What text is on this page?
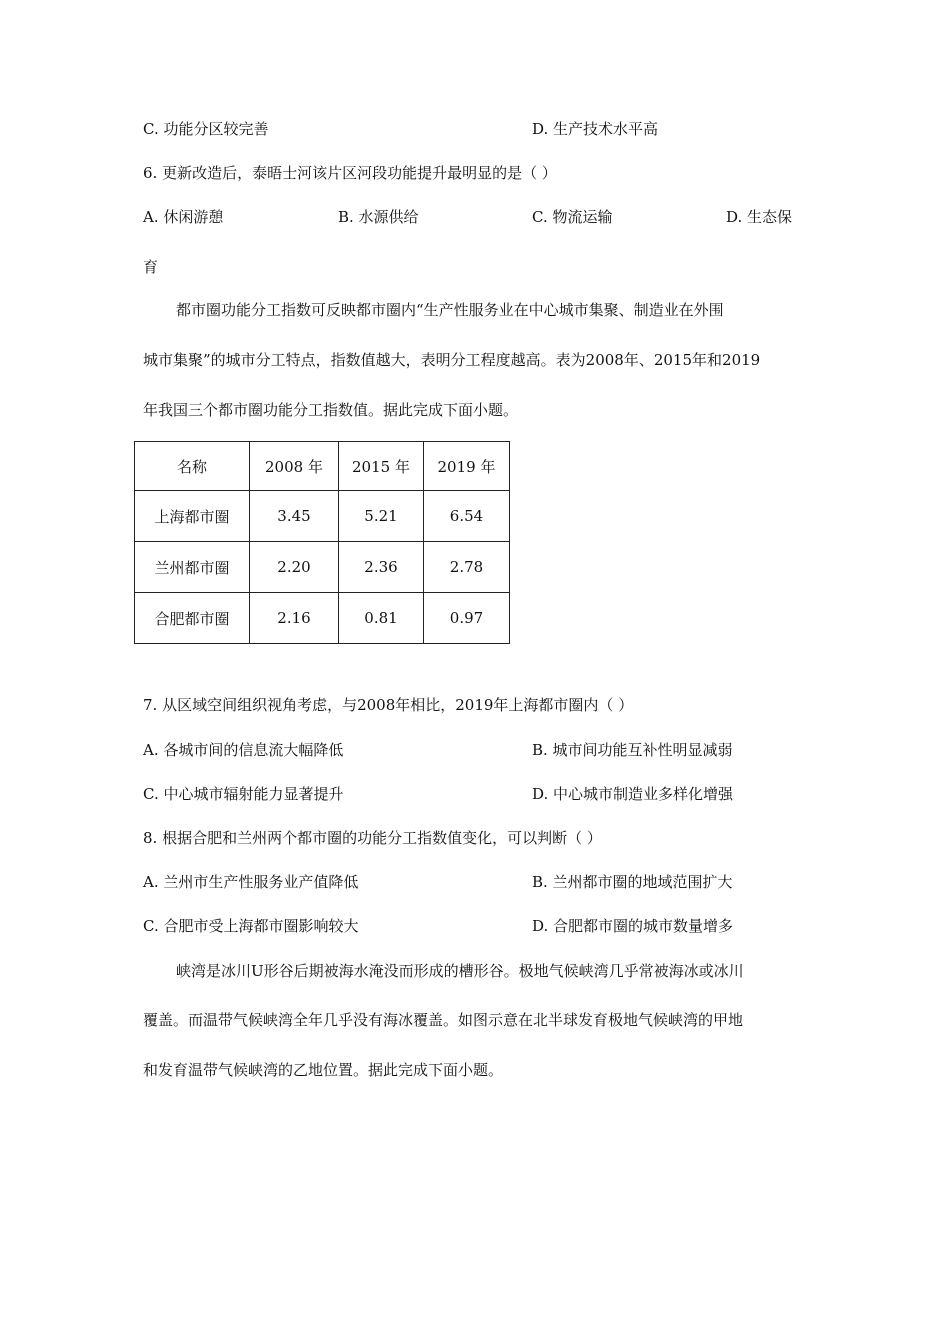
C. 功能分区较完善	D. 生产技术水平高
6. 更新改造后，泰晤士河该片区河段功能提升最明显的是（ ）
A. 休闲游憩	B. 水源供给	C. 物流运输	D. 生态保
育
都市圈功能分工指数可反映都市圈内“生产性服务业在中心城市集聚、制造业在外围
城市集聚”的城市分工特点，指数值越大，表明分工程度越高。表为2008年、2015年和2019
年我国三个都市圈功能分工指数值。据此完成下面小题。
名称	2008 年	2015 年	2019 年
上海都市圈	3.45	5.21	6.54
兰州都市圈	2.20	2.36	2.78
合肥都市圈	2.16	0.81	0.97
7. 从区域空间组织视角考虑，与2008年相比，2019年上海都市圈内（ ）
A. 各城市间的信息流大幅降低	B. 城市间功能互补性明显减弱
C. 中心城市辐射能力显著提升	D. 中心城市制造业多样化增强
8. 根据合肥和兰州两个都市圈的功能分工指数值变化，可以判断（ ）
A. 兰州市生产性服务业产值降低	B. 兰州都市圈的地域范围扩大
C. 合肥市受上海都市圈影响较大	D. 合肥都市圈的城市数量增多
峡湾是冰川U形谷后期被海水淹没而形成的槽形谷。极地气候峡湾几乎常被海冰或冰川
覆盖。而温带气候峡湾全年几乎没有海冰覆盖。如图示意在北半球发育极地气候峡湾的甲地
和发育温带气候峡湾的乙地位置。据此完成下面小题。
